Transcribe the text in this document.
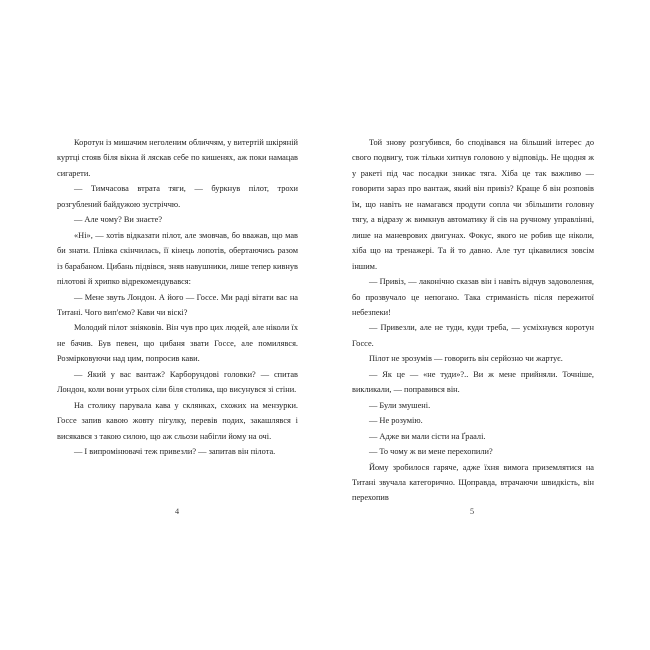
Коротун із мишачим неголеним обличчям, у витертій шкіряній куртці стояв біля вікна й ляскав себе по кишенях, аж поки намацав сигарети.

— Тимчасова втрата тяги, — буркнув пілот, трохи розгублений байдужою зустріччю.

— Але чому? Ви знаєте?

«Ні», — хотів відказати пілот, але змовчав, бо вважав, що мав би знати. Плівка скінчилась, її кінець лопотів, обертаючись разом із барабаном. Цибань підвівся, зняв навушники, лише тепер кивнув пілотові й хрипко відрекомендувався:

— Мене звуть Лондон. А його — Госсе. Ми раді вітати вас на Титані. Чого вип'ємо? Кави чи віскі?

Молодий пілот зніяковів. Він чув про цих людей, але ніколи їх не бачив. Був певен, що цибаня звати Госсе, але помилявся. Розмірковуючи над цим, попросив кави.

— Який у вас вантаж? Карборундові головки? — спитав Лондон, коли вони утрьох сіли біля столика, що висунувся зі стіни.

На столику парувала кава у склянках, схожих на мензурки. Госсе запив кавою жовту пігулку, перевів подих, закашлявся і висякався з такою силою, що аж сльози набігли йому на очі.

— І випромінювачі теж привезли? — запитав він пілота.

4

Той знову розгубився, бо сподівався на більший інтерес до свого подвигу, тож тільки хитнув головою у відповідь. Не щодня ж у ракеті під час посадки зникає тяга. Хіба це так важливо — говорити зараз про вантаж, який він привіз? Краще б він розповів їм, що навіть не намагався продути сопла чи збільшити головну тягу, а відразу ж вимкнув автоматику й сів на ручному управлінні, лише на маневрових двигунах. Фокус, якого не робив ще ніколи, хіба що на тренажері. Та й то давно. Але тут цікавилися зовсім іншим.

— Привіз, — лаконічно сказав він і навіть відчув задоволення, бо прозвучало це непогано. Така стриманість після пережитої небезпеки!

— Привезли, але не туди, куди треба, — усміхнувся коротун Госсе.

Пілот не зрозумів — говорить він серйозно чи жартує.

— Як це — «не туди»?.. Ви ж мене прийняли. Точніше, викликали, — поправився він.

— Були змушені.

— Не розумію.

— Адже ви мали сісти на Ґраалі.

— То чому ж ви мене перехопили?

Йому зробилося гаряче, адже їхня вимога приземлятися на Титані звучала категорично. Щоправда, втрачаючи швидкість, він перехопив

5
